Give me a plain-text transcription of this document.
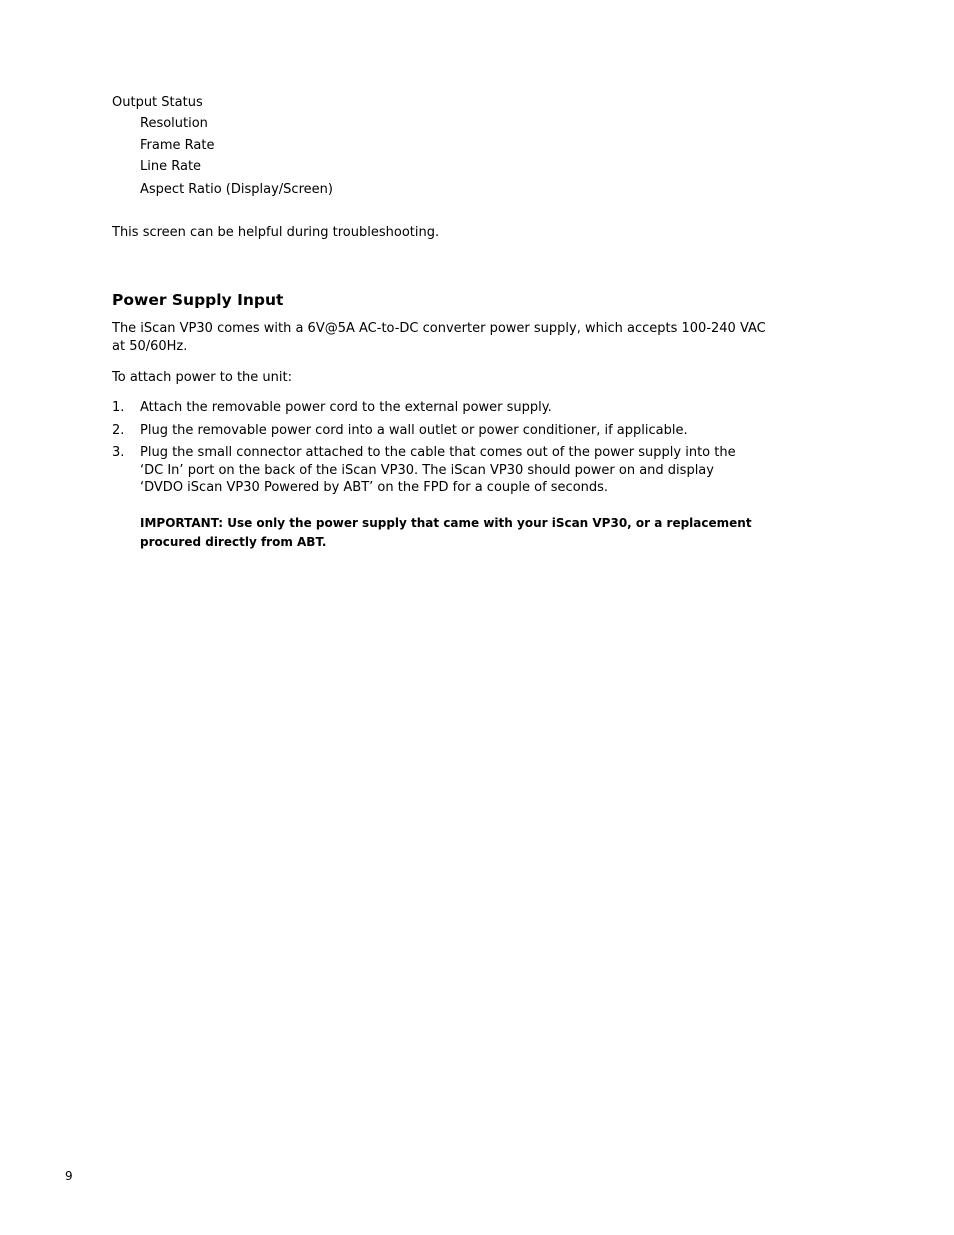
Output Status
Resolution
Frame Rate
Line Rate
Aspect Ratio (Display/Screen)
This screen can be helpful during troubleshooting.
Power Supply Input
The iScan VP30 comes with a 6V@5A AC-to-DC converter power supply, which accepts 100-240 VAC
at 50/60Hz.
To attach power to the unit:
1. Attach the removable power cord to the external power supply.
2. Plug the removable power cord into a wall outlet or power conditioner, if applicable.
3. Plug the small connector attached to the cable that comes out of the power supply into the
‘DC In’ port on the back of the iScan VP30. The iScan VP30 should power on and display
‘DVDO iScan VP30 Powered by ABT’ on the FPD for a couple of seconds.
IMPORTANT: Use only the power supply that came with your iScan VP30, or a replacement
procured directly from ABT.
9
